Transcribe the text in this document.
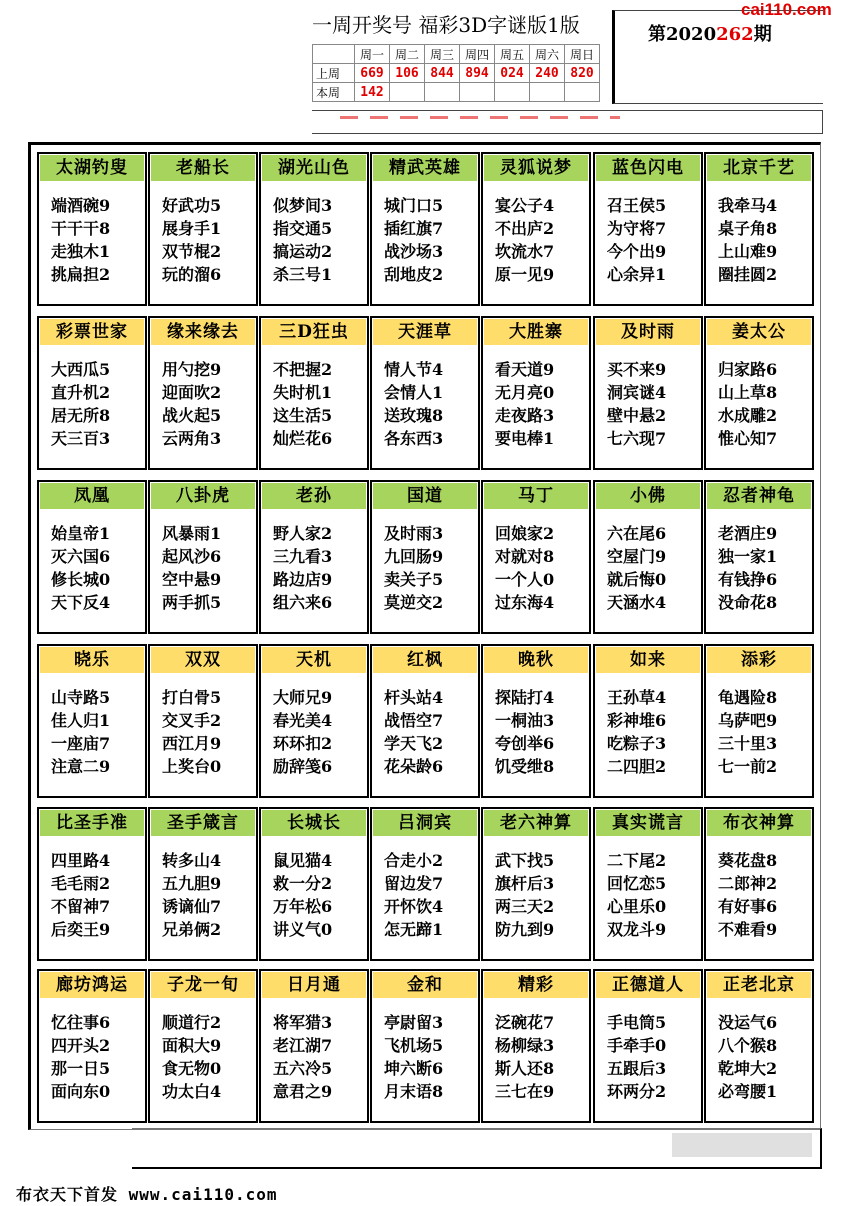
一周开奖号 福彩3D字谜版1版
	周一	周二	周三	周四	周五	周六	周日
上周	669	106	844	894	024	240	820
本周	142						
第2020262期
cai110.com
太湖钓叟
端酒碗9
干干干8
走独木1
挑扁担2
老船长
好武功5
展身手1
双节棍2
玩的溜6
湖光山色
似梦间3
指交通5
搞运动2
杀三号1
精武英雄
城门口5
插红旗7
战沙场3
刮地皮2
灵狐说梦
宴公子4
不出庐2
坎流水7
原一见9
蓝色闪电
召王侯5
为守将7
今个出9
心余异1
北京千艺
我牵马4
桌子角8
上山难9
圈挂圆2
彩票世家
大西瓜5
直升机2
居无所8
天三百3
缘来缘去
用勺挖9
迎面吹2
战火起5
云两角3
三D狂虫
不把握2
失时机1
这生活5
灿烂花6
天涯草
情人节4
会情人1
送玫瑰8
各东西3
大胜寨
看天道9
无月亮0
走夜路3
要电棒1
及时雨
买不来9
洞宾谜4
壁中悬2
七六现7
姜太公
归家路6
山上草8
水成雕2
惟心知7
凤凰
始皇帝1
灭六国6
修长城0
天下反4
八卦虎
风暴雨1
起风沙6
空中悬9
两手抓5
老孙
野人家2
三九看3
路边店9
组六来6
国道
及时雨3
九回肠9
卖关子5
莫逆交2
马丁
回娘家2
对就对8
一个人0
过东海4
小佛
六在尾6
空屋门9
就后悔0
天涵水4
忍者神龟
老酒庄9
独一家1
有钱挣6
没命花8
晓乐
山寺路5
佳人归1
一座庙7
注意二9
双双
打白骨5
交叉手2
西江月9
上奖台0
天机
大师兄9
春光美4
环环扣2
励辞笺6
红枫
杆头站4
战悟空7
学天飞2
花朵龄6
晚秋
探陆打4
一桐油3
夸创举6
饥受绁8
如来
王孙草4
彩神堆6
吃粽子3
二四胆2
添彩
龟遇险8
乌萨吧9
三十里3
七一前2
比圣手准
四里路4
毛毛雨2
不留神7
后奕王9
圣手箴言
转多山4
五九胆9
诱谪仙7
兄弟俩2
长城长
鼠见猫4
救一分2
万年松6
讲义气0
吕洞宾
合走小2
留边发7
开怀饮4
怎无蹄1
老六神算
武下找5
旗杆后3
两三天2
防九到9
真实谎言
二下尾2
回忆恋5
心里乐0
双龙斗9
布衣神算
葵花盘8
二郎神2
有好事6
不难看9
廊坊鸿运
忆往事6
四开头2
那一日5
面向东0
子龙一旬
顺道行2
面积大9
食无物0
功太白4
日月通
将军猎3
老江湖7
五六冷5
意君之9
金和
亭尉留3
飞机场5
坤六断6
月末语8
精彩
泛碗花7
杨柳绿3
斯人还8
三七在9
正德道人
手电筒5
手牵手0
五跟后3
环两分2
正老北京
没运气6
八个猴8
乾坤大2
必弯腰1
布衣天下首发 www.cai110.com
